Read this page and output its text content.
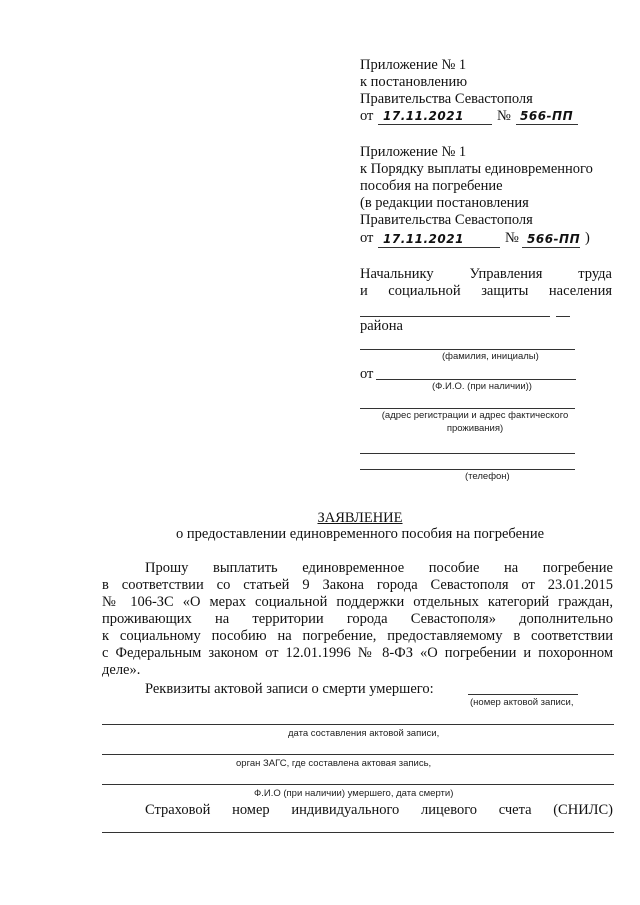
Приложение № 1
к постановлению
Правительства Севастополя
от 17.11.2021 № 566-ПП
Приложение № 1
к Порядку выплаты единовременного
пособия на погребение
(в редакции постановления
Правительства Севастополя
от 17.11.2021	№ 566-ПП )
Начальнику Управления труда
и социальной защиты населения
района
(фамилия, инициалы)
от
(Ф.И.О. (при наличии))
(адрес регистрации и адрес фактического
проживания)
(телефон)
ЗАЯВЛЕНИЕ
о предоставлении единовременного пособия на погребение
Прошу выплатить единовременное пособие на погребение
в соответствии со статьей 9 Закона города Севастополя от 23.01.2015
№ 106-ЗС «О мерах социальной поддержки отдельных категорий граждан,
проживающих на территории города Севастополя» дополнительно
к социальному пособию на погребение, предоставляемому в соответствии
с Федеральным законом от 12.01.1996 № 8-ФЗ «О погребении и похоронном
деле».
Реквизиты актовой записи о смерти умершего:
(номер актовой записи,
дата составления актовой записи,
орган ЗАГС, где составлена актовая запись,
Ф.И.О (при наличии) умершего, дата смерти)
Страховой номер индивидуального лицевого счета (СНИЛС)
